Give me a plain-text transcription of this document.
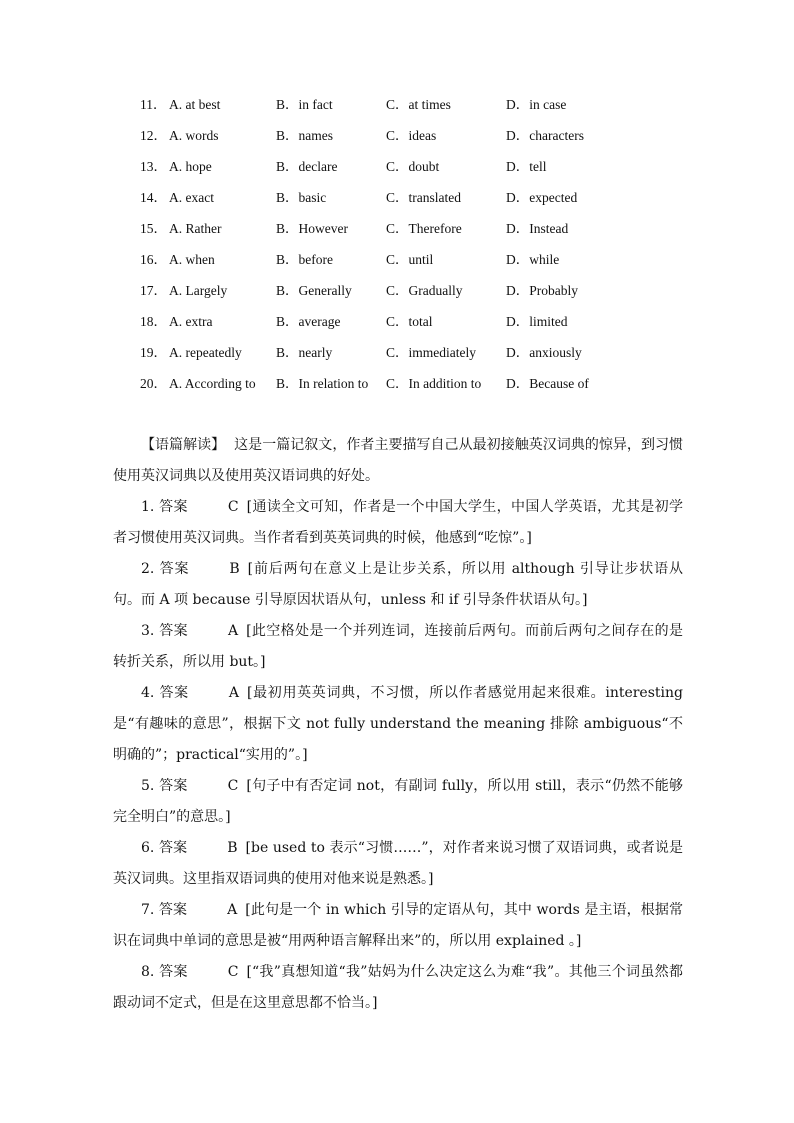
11． A. at best	B．in fact	C．at times	D．in case
12． A. words	B．names	C．ideas	D．characters
13． A. hope	B．declare	C．doubt	D．tell
14． A. exact	B．basic	C．translated	D．expected
15． A. Rather	B．However	C．Therefore	D．Instead
16． A. when	B．before	C．until	D．while
17． A. Largely	B．Generally	C．Gradually	D．Probably
18． A. extra	B．average	C．total	D．limited
19． A. repeatedly	B．nearly	C．immediately D．anxiously
20． A. According to B．In relation to C．In addition to D．Because of

【语篇解读】 这是一篇记叙文，作者主要描写自己从最初接触英汉词典的惊异，到习惯使用英汉词典以及使用英汉语词典的好处。

1. 答案	C [通读全文可知，作者是一个中国大学生，中国人学英语，尤其是初学者习惯使用英汉词典。当作者看到英英词典的时候，他感到“吃惊”。]

2. 答案	B [前后两句在意义上是让步关系，所以用 although 引导让步状语从句。而 A 项 because 引导原因状语从句，unless 和 if 引导条件状语从句。]

3. 答案	A [此空格处是一个并列连词，连接前后两句。而前后两句之间存在的是转折关系，所以用 but。]

4. 答案	A [最初用英英词典，不习惯，所以作者感觉用起来很难。interesting 是“有趣味的意思”，根据下文 not fully understand the meaning 排除 ambiguous“不明确的”；practical“实用的”。]

5. 答案	C [句子中有否定词 not，有副词 fully，所以用 still，表示“仍然不能够完全明白”的意思。]

6. 答案	B [be used to 表示“习惯……”，对作者来说习惯了双语词典，或者说是英汉词典。这里指双语词典的使用对他来说是熟悉。]

7. 答案	A [此句是一个 in which 引导的定语从句，其中 words 是主语，根据常识在词典中单词的意思是被“用两种语言解释出来”的，所以用 explained 。]

8. 答案	C [“我”真想知道“我”姑妈为什么决定这么为难“我”。其他三个词虽然都跟动词不定式，但是在这里意思都不恰当。]
